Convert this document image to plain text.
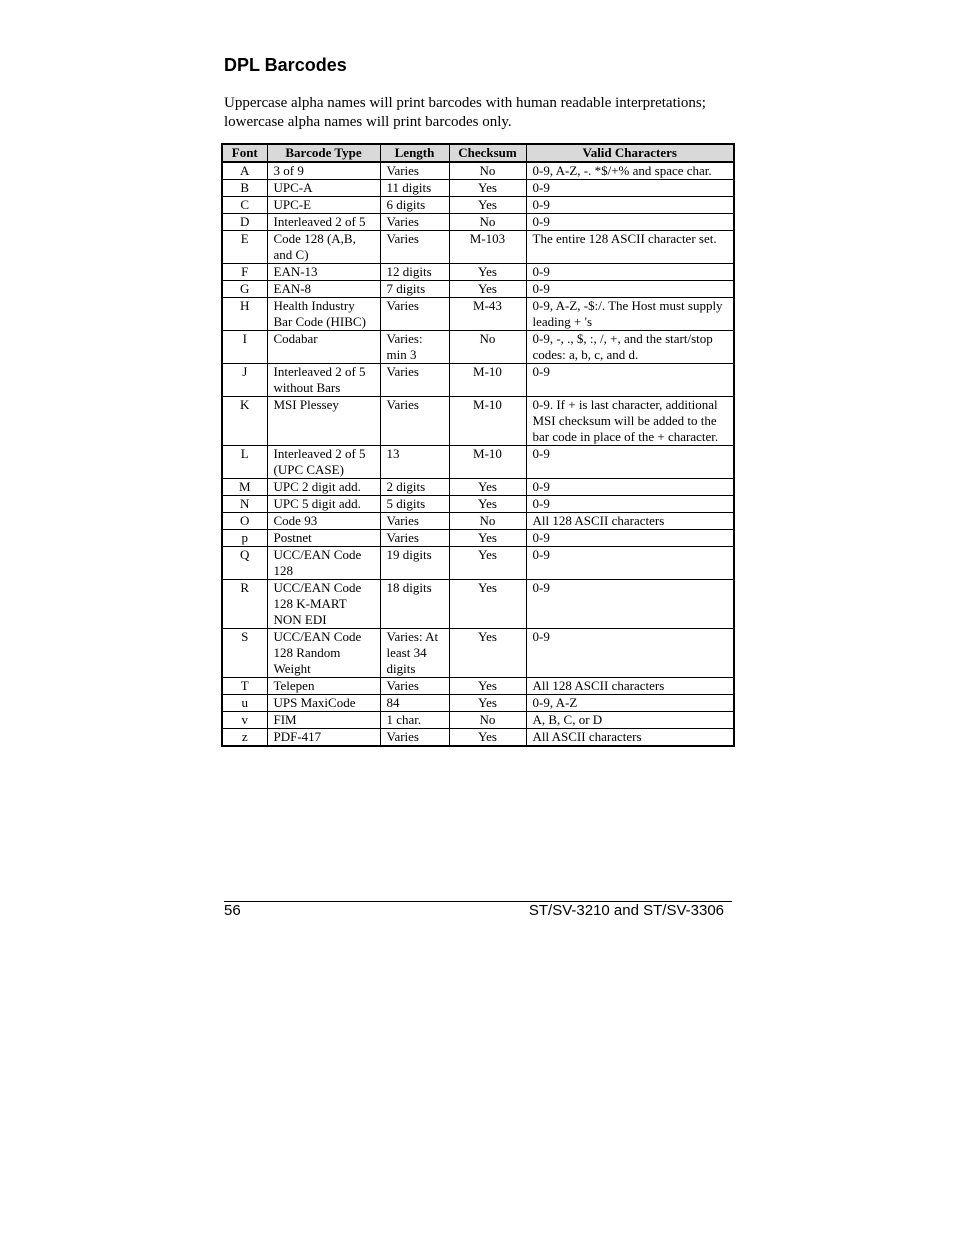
DPL Barcodes

Uppercase alpha names will print barcodes with human readable interpretations; lowercase alpha names will print barcodes only.

Font	Barcode Type	Length	Checksum	Valid Characters
A	3 of 9	Varies	No	0-9, A-Z, -. *$/+% and space char.
B	UPC-A	11 digits	Yes	0-9
C	UPC-E	6 digits	Yes	0-9
D	Interleaved 2 of 5	Varies	No	0-9
E	Code 128 (A,B, and C)	Varies	M-103	The entire 128 ASCII character set.
F	EAN-13	12 digits	Yes	0-9
G	EAN-8	7 digits	Yes	0-9
H	Health Industry Bar Code (HIBC)	Varies	M-43	0-9, A-Z, -$:/. The Host must supply leading + 's
I	Codabar	Varies: min 3	No	0-9, -, ., $, :, /, +, and the start/stop codes: a, b, c, and d.
J	Interleaved 2 of 5 without Bars	Varies	M-10	0-9
K	MSI Plessey	Varies	M-10	0-9. If + is last character, additional MSI checksum will be added to the bar code in place of the + character.
L	Interleaved 2 of 5 (UPC CASE)	13	M-10	0-9
M	UPC 2 digit add.	2 digits	Yes	0-9
N	UPC 5 digit add.	5 digits	Yes	0-9
O	Code 93	Varies	No	All 128 ASCII characters
p	Postnet	Varies	Yes	0-9
Q	UCC/EAN Code 128	19 digits	Yes	0-9
R	UCC/EAN Code 128 K-MART NON EDI	18 digits	Yes	0-9
S	UCC/EAN Code 128 Random Weight	Varies: At least 34 digits	Yes	0-9
T	Telepen	Varies	Yes	All 128 ASCII characters
u	UPS MaxiCode	84	Yes	0-9, A-Z
v	FIM	1 char.	No	A, B, C, or D
z	PDF-417	Varies	Yes	All ASCII characters
56	ST/SV-3210 and ST/SV-3306
